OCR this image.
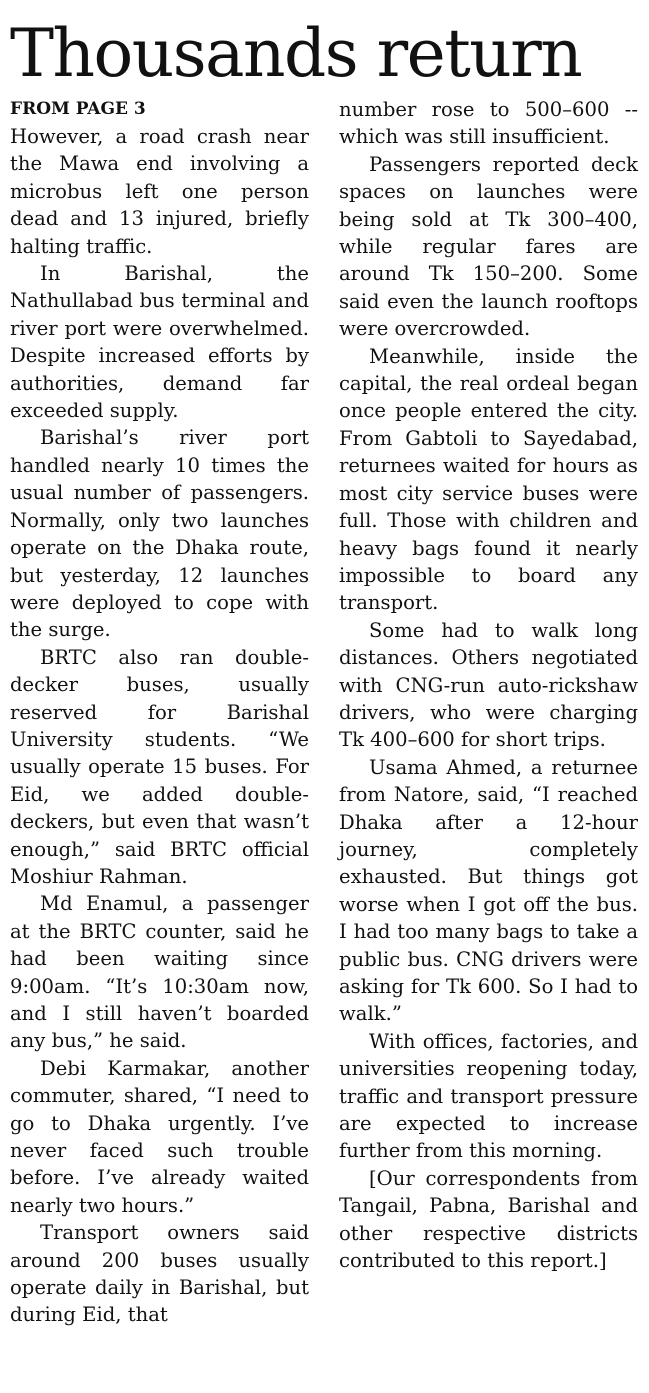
Thousands return
FROM PAGE 3

However, a road crash near the Mawa end involving a microbus left one person dead and 13 injured, briefly halting traffic.

In Barishal, the Nathullabad bus terminal and river port were overwhelmed. Despite increased efforts by authorities, demand far exceeded supply.

Barishal’s river port handled nearly 10 times the usual number of passengers. Normally, only two launches operate on the Dhaka route, but yesterday, 12 launches were deployed to cope with the surge.

BRTC also ran double-decker buses, usually reserved for Barishal University students. “We usually operate 15 buses. For Eid, we added double-deckers, but even that wasn’t enough,” said BRTC official Moshiur Rahman.

Md Enamul, a passenger at the BRTC counter, said he had been waiting since 9:00am. “It’s 10:30am now, and I still haven’t boarded any bus,” he said.

Debi Karmakar, another commuter, shared, “I need to go to Dhaka urgently. I’ve never faced such trouble before. I’ve already waited nearly two hours.”

Transport owners said around 200 buses usually operate daily in Barishal, but during Eid, that

number rose to 500–600 -- which was still insufficient.

Passengers reported deck spaces on launches were being sold at Tk 300–400, while regular fares are around Tk 150–200. Some said even the launch rooftops were overcrowded.

Meanwhile, inside the capital, the real ordeal began once people entered the city. From Gabtoli to Sayedabad, returnees waited for hours as most city service buses were full. Those with children and heavy bags found it nearly impossible to board any transport.

Some had to walk long distances. Others negotiated with CNG-run auto-rickshaw drivers, who were charging Tk 400–600 for short trips.

Usama Ahmed, a returnee from Natore, said, “I reached Dhaka after a 12-hour journey, completely exhausted. But things got worse when I got off the bus. I had too many bags to take a public bus. CNG drivers were asking for Tk 600. So I had to walk.”

With offices, factories, and universities reopening today, traffic and transport pressure are expected to increase further from this morning.

[Our correspondents from Tangail, Pabna, Barishal and other respective districts contributed to this report.]
